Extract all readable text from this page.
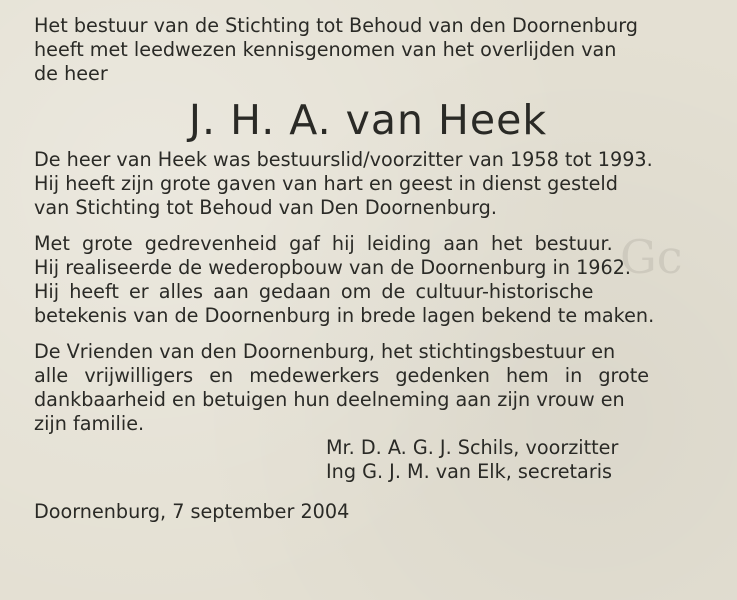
Gc

Het bestuur van de Stichting tot Behoud van den Doornenburg

heeft met leedwezen kennisgenomen van het overlijden van

de heer

J. H. A. van Heek

De heer van Heek was bestuurslid/voorzitter van 1958 tot 1993.

Hij heeft zijn grote gaven van hart en geest in dienst gesteld

van Stichting tot Behoud van Den Doornenburg.

Met grote gedrevenheid gaf hij leiding aan het bestuur.

Hij realiseerde de wederopbouw van de Doornenburg in 1962.

Hij heeft er alles aan gedaan om de cultuur-historische

betekenis van de Doornenburg in brede lagen bekend te maken.

De Vrienden van den Doornenburg, het stichtingsbestuur en

alle vrijwilligers en medewerkers gedenken hem in grote

dankbaarheid en betuigen hun deelneming aan zijn vrouw en

zijn familie.

Mr. D. A. G. J. Schils, voorzitter

Ing G. J. M. van Elk, secretaris

Doornenburg, 7 september 2004
